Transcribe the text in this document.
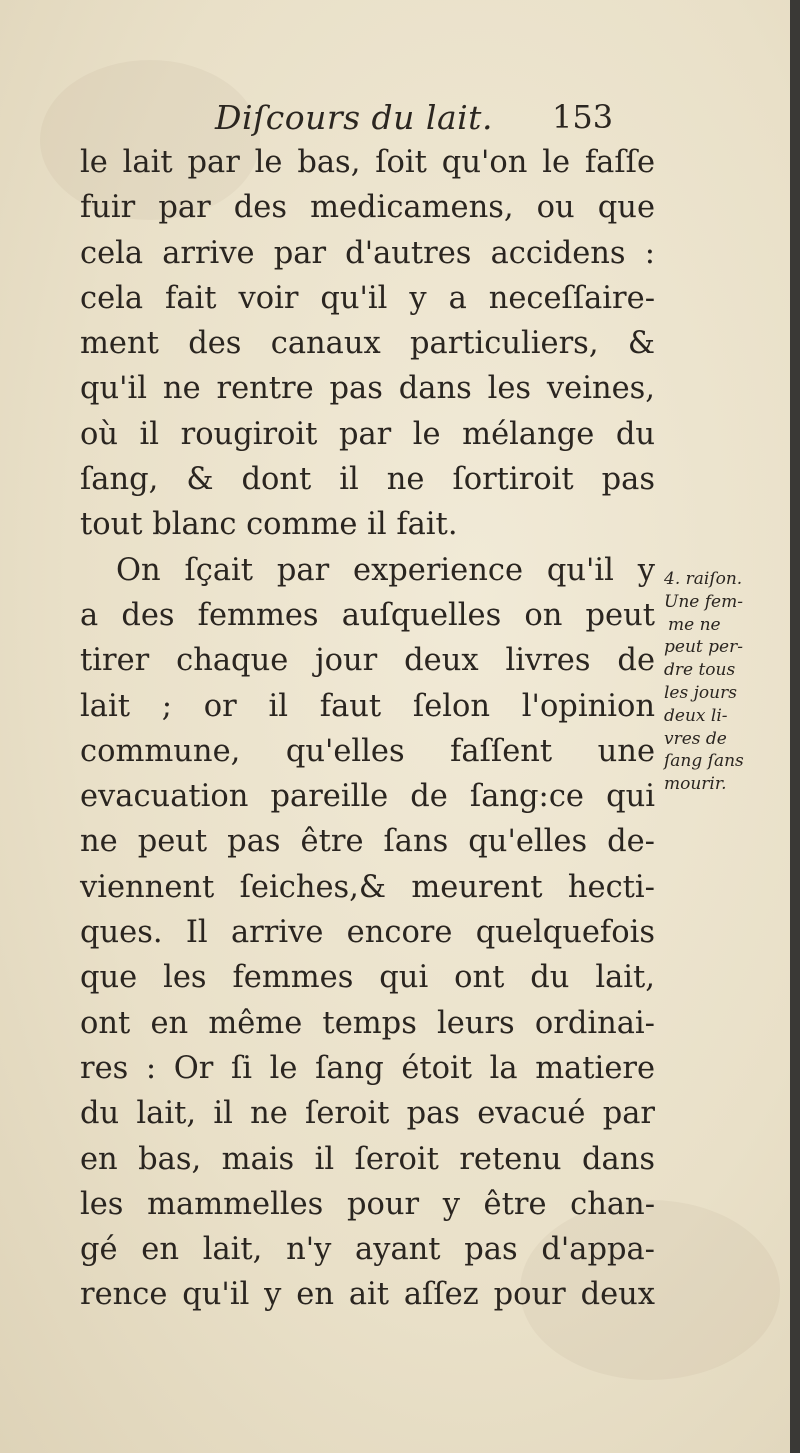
Diſcours du lait. 153
le lait par le bas, ſoit qu'on le faſſe
fuir par des medicamens, ou que
cela arrive par d'autres accidens :
cela fait voir qu'il y a neceſſaire-
ment des canaux particuliers, &
qu'il ne rentre pas dans les veines,
où il rougiroit par le mélange du
ſang, & dont il ne ſortiroit pas
tout blanc comme il fait.
On ſçait par experience qu'il y
a des femmes auſquelles on peut
tirer chaque jour deux livres de
lait ; or il faut ſelon l'opinion
commune, qu'elles faſſent une
evacuation pareille de ſang:ce qui
ne peut pas être ſans qu'elles de-
viennent ſeiches,& meurent hecti-
ques. Il arrive encore quelquefois
que les femmes qui ont du lait,
ont en même temps leurs ordinai-
res : Or ſi le ſang étoit la matiere
du lait, il ne ſeroit pas evacué par
en bas, mais il ſeroit retenu dans
les mammelles pour y être chan-
gé en lait, n'y ayant pas d'appa-
rence qu'il y en ait aſſez pour deux
4. raiſon.
Une fem-
me ne
peut per-
dre tous
les jours
deux li-
vres de
ſang ſans
mourir.
